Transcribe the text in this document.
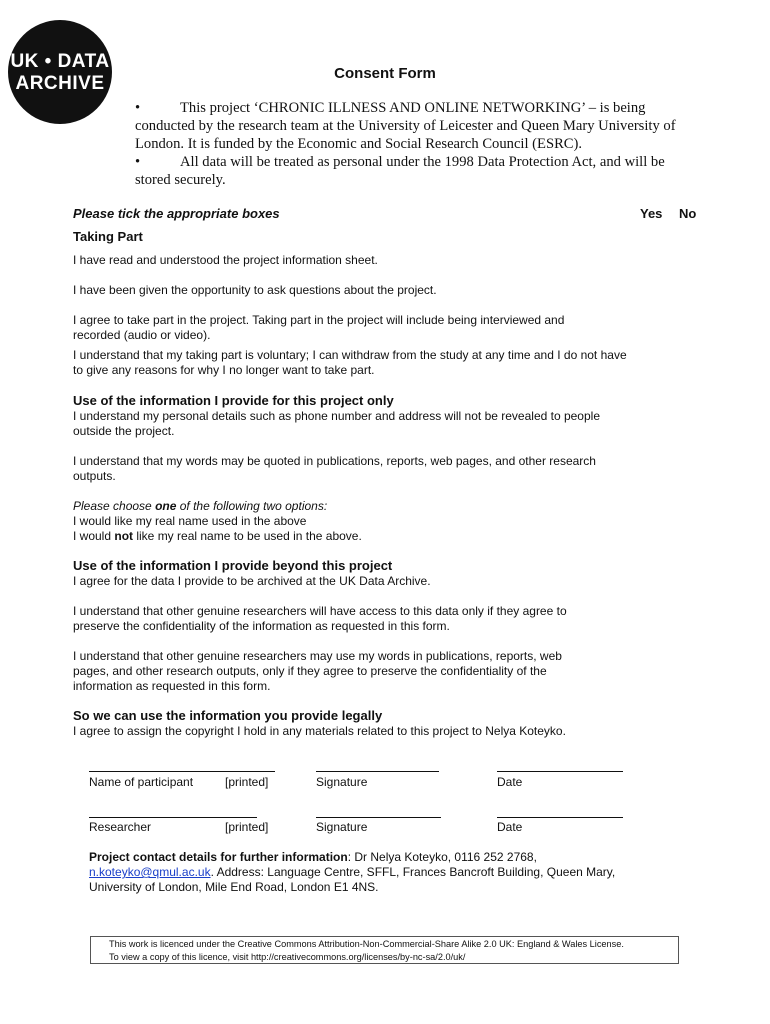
UK • DATA
ARCHIVE	Consent Form

•	This project ‘CHRONIC ILLNESS AND ONLINE NETWORKING’ – is being conducted by the research team at the University of Leicester and Queen Mary University of London. It is funded by the Economic and Social Research Council (ESRC).

•	All data will be treated as personal under the 1998 Data Protection Act, and will be stored securely.

Please tick the appropriate boxes	Yes No
Taking Part
I have read and understood the project information sheet.
I have been given the opportunity to ask questions about the project.
I agree to take part in the project. Taking part in the project will include being interviewed and recorded (audio or video).
I understand that my taking part is voluntary; I can withdraw from the study at any time and I do not have to give any reasons for why I no longer want to take part.
Use of the information I provide for this project only
I understand my personal details such as phone number and address will not be revealed to people outside the project.
I understand that my words may be quoted in publications, reports, web pages, and other research outputs.
Please choose one of the following two options:
I would like my real name used in the above
I would not like my real name to be used in the above.
Use of the information I provide beyond this project
I agree for the data I provide to be archived at the UK Data Archive.
I understand that other genuine researchers will have access to this data only if they agree to preserve the confidentiality of the information as requested in this form.
I understand that other genuine researchers may use my words in publications, reports, web pages, and other research outputs, only if they agree to preserve the confidentiality of the information as requested in this form.
So we can use the information you provide legally
I agree to assign the copyright I hold in any materials related to this project to Nelya Koteyko.
Name of participant	[printed]	Signature	Date
Researcher	[printed]	Signature	Date
Project contact details for further information: Dr Nelya Koteyko, 0116 252 2768,
n.koteyko@qmul.ac.uk. Address: Language Centre, SFFL, Frances Bancroft Building, Queen Mary, University of London, Mile End Road, London E1 4NS.
This work is licenced under the Creative Commons Attribution-Non-Commercial-Share Alike 2.0 UK: England & Wales License.
To view a copy of this licence, visit http://creativecommons.org/licenses/by-nc-sa/2.0/uk/
